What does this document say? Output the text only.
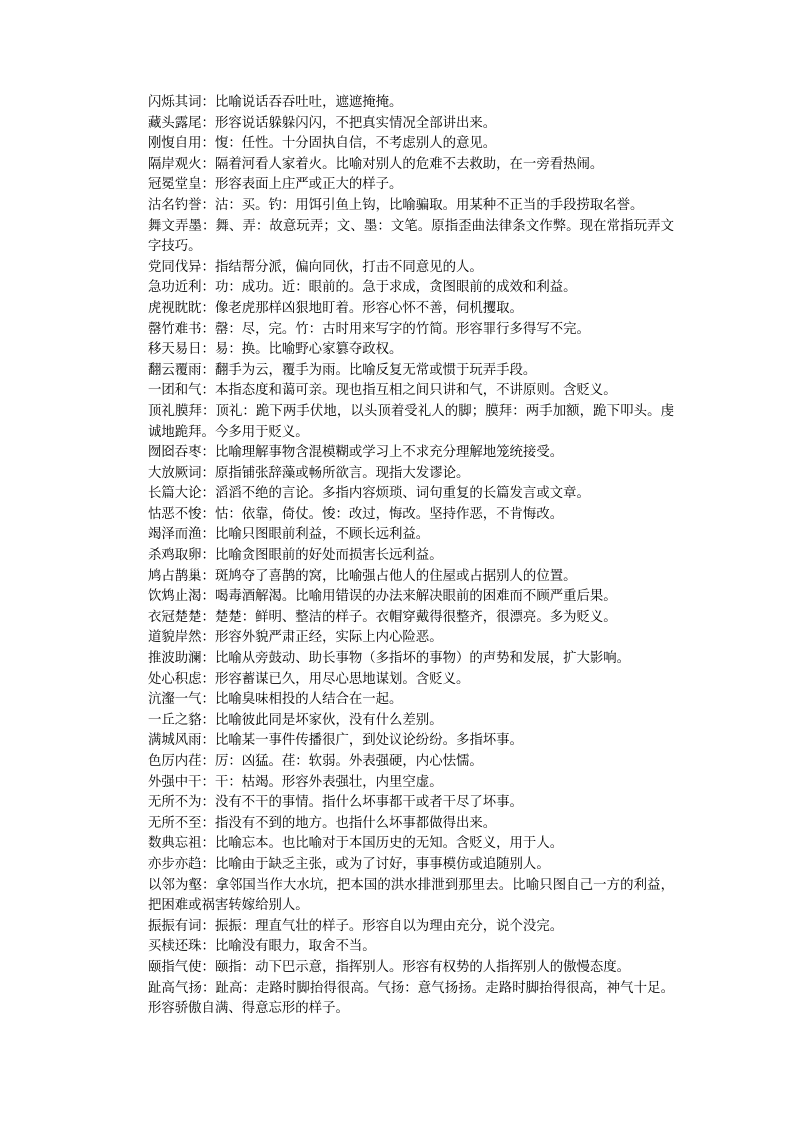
闪烁其词：比喻说话吞吞吐吐，遮遮掩掩。

藏头露尾：形容说话躲躲闪闪，不把真实情况全部讲出来。

刚愎自用：愎：任性。十分固执自信，不考虑别人的意见。

隔岸观火：隔着河看人家着火。比喻对别人的危难不去救助，在一旁看热闹。

冠冕堂皇：形容表面上庄严或正大的样子。

沽名钓誉：沽：买。钓：用饵引鱼上钩，比喻骗取。用某种不正当的手段捞取名誉。

舞文弄墨：舞、弄：故意玩弄；文、墨：文笔。原指歪曲法律条文作弊。现在常指玩弄文字技巧。

党同伐异：指结帮分派，偏向同伙，打击不同意见的人。

急功近利：功：成功。近：眼前的。急于求成，贪图眼前的成效和利益。

虎视眈眈：像老虎那样凶狠地盯着。形容心怀不善，伺机攫取。

罄竹难书：罄：尽，完。竹：古时用来写字的竹简。形容罪行多得写不完。

移天易日：易：换。比喻野心家篡夺政权。

翻云覆雨：翻手为云，覆手为雨。比喻反复无常或惯于玩弄手段。

一团和气：本指态度和蔼可亲。现也指互相之间只讲和气，不讲原则。含贬义。

顶礼膜拜：顶礼：跪下两手伏地，以头顶着受礼人的脚；膜拜：两手加额，跪下叩头。虔诚地跪拜。今多用于贬义。

囫囵吞枣：比喻理解事物含混模糊或学习上不求充分理解地笼统接受。

大放厥词：原指铺张辞藻或畅所欲言。现指大发谬论。

长篇大论：滔滔不绝的言论。多指内容烦琐、词句重复的长篇发言或文章。

怙恶不悛：怙：依靠，倚仗。悛：改过，悔改。坚持作恶，不肯悔改。

竭泽而渔：比喻只图眼前利益，不顾长远利益。

杀鸡取卵：比喻贪图眼前的好处而损害长远利益。

鸠占鹊巢：斑鸠夺了喜鹊的窝，比喻强占他人的住屋或占据别人的位置。

饮鸩止渴：喝毒酒解渴。比喻用错误的办法来解决眼前的困难而不顾严重后果。

衣冠楚楚：楚楚：鲜明、整洁的样子。衣帽穿戴得很整齐，很漂亮。多为贬义。

道貌岸然：形容外貌严肃正经，实际上内心险恶。

推波助澜：比喻从旁鼓动、助长事物（多指坏的事物）的声势和发展，扩大影响。

处心积虑：形容蓄谋已久，用尽心思地谋划。含贬义。

沆瀣一气：比喻臭味相投的人结合在一起。

一丘之貉：比喻彼此同是坏家伙，没有什么差别。

满城风雨：比喻某一事件传播很广，到处议论纷纷。多指坏事。

色厉内荏：厉：凶猛。荏：软弱。外表强硬，内心怯懦。

外强中干：干：枯竭。形容外表强壮，内里空虚。

无所不为：没有不干的事情。指什么坏事都干或者干尽了坏事。

无所不至：指没有不到的地方。也指什么坏事都做得出来。

数典忘祖：比喻忘本。也比喻对于本国历史的无知。含贬义，用于人。

亦步亦趋：比喻由于缺乏主张，或为了讨好，事事模仿或追随别人。

以邻为壑：拿邻国当作大水坑，把本国的洪水排泄到那里去。比喻只图自己一方的利益，把困难或祸害转嫁给别人。

振振有词：振振：理直气壮的样子。形容自以为理由充分，说个没完。

买椟还珠：比喻没有眼力，取舍不当。

颐指气使：颐指：动下巴示意，指挥别人。形容有权势的人指挥别人的傲慢态度。

趾高气扬：趾高：走路时脚抬得很高。气扬：意气扬扬。走路时脚抬得很高，神气十足。形容骄傲自满、得意忘形的样子。
